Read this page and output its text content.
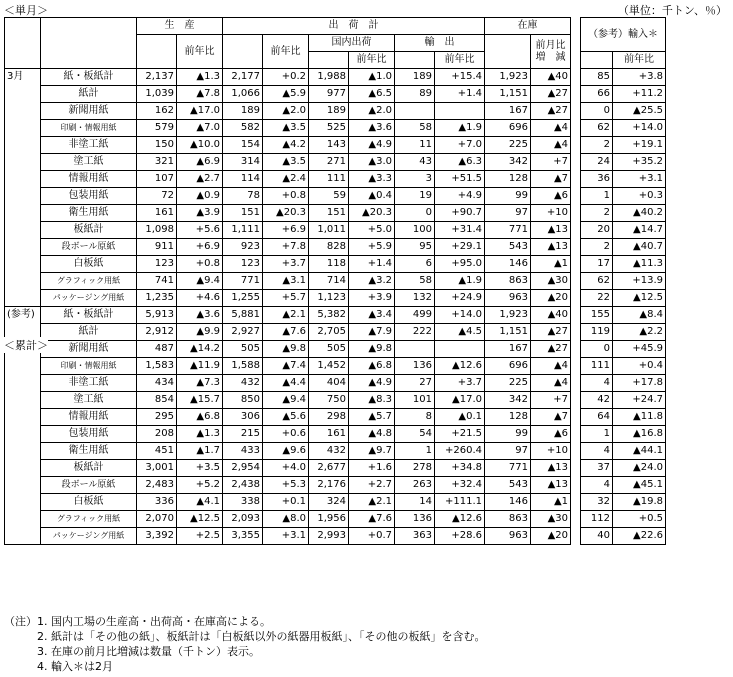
＜単月＞	（単位：千トン、％）
		生　産		出　荷　計						在庫			（参考）輸入＊	
			前年比		前年比	国内出荷		輸　出			前月比
増　減			
							前年比		前年比					前年比
3月	紙・板紙計	2,137	▲1.3	2,177	+0.2	1,988	▲1.0	189	+15.4	1,923	▲40		85	+3.8
	紙計	1,039	▲7.8	1,066	▲5.9	977	▲6.5	89	+1.4	1,151	▲27		66	+11.2
	新聞用紙	162	▲17.0	189	▲2.0	189	▲2.0			167	▲27		0	▲25.5
	印刷・情報用紙	579	▲7.0	582	▲3.5	525	▲3.6	58	▲1.9	696	▲4		62	+14.0
	非塗工紙	150	▲10.0	154	▲4.2	143	▲4.9	11	+7.0	225	▲4		2	+19.1
	塗工紙	321	▲6.9	314	▲3.5	271	▲3.0	43	▲6.3	342	+7		24	+35.2
	情報用紙	107	▲2.7	114	▲2.4	111	▲3.3	3	+51.5	128	▲7		36	+3.1
	包装用紙	72	▲0.9	78	+0.8	59	▲0.4	19	+4.9	99	▲6		1	+0.3
	衛生用紙	161	▲3.9	151	▲20.3	151	▲20.3	0	+90.7	97	+10		2	▲40.2
	板紙計	1,098	+5.6	1,111	+6.9	1,011	+5.0	100	+31.4	771	▲13		20	▲14.7
	段ボール原紙	911	+6.9	923	+7.8	828	+5.9	95	+29.1	543	▲13		2	▲40.7
	白板紙	123	+0.8	123	+3.7	118	+1.4	6	+95.0	146	▲1		17	▲11.3
	グラフィック用紙	741	▲9.4	771	▲3.1	714	▲3.2	58	▲1.9	863	▲30		62	+13.9
	パッケージング用紙	1,235	+4.6	1,255	+5.7	1,123	+3.9	132	+24.9	963	▲20		22	▲12.5
(参考)	紙・板紙計	5,913	▲3.6	5,881	▲2.1	5,382	▲3.4	499	+14.0	1,923	▲40		155	▲8.4
	紙計	2,912	▲9.9	2,927	▲7.6	2,705	▲7.9	222	▲4.5	1,151	▲27		119	▲2.2
	新聞用紙	487	▲14.2	505	▲9.8	505	▲9.8			167	▲27		0	+45.9
	印刷・情報用紙	1,583	▲11.9	1,588	▲7.4	1,452	▲6.8	136	▲12.6	696	▲4		111	+0.4
	非塗工紙	434	▲7.3	432	▲4.4	404	▲4.9	27	+3.7	225	▲4		4	+17.8
	塗工紙	854	▲15.7	850	▲9.4	750	▲8.3	101	▲17.0	342	+7		42	+24.7
	情報用紙	295	▲6.8	306	▲5.6	298	▲5.7	8	▲0.1	128	▲7		64	▲11.8
	包装用紙	208	▲1.3	215	+0.6	161	▲4.8	54	+21.5	99	▲6		1	▲16.8
	衛生用紙	451	▲1.7	433	▲9.6	432	▲9.7	1	+260.4	97	+10		4	▲44.1
	板紙計	3,001	+3.5	2,954	+4.0	2,677	+1.6	278	+34.8	771	▲13		37	▲24.0
	段ボール原紙	2,483	+5.2	2,438	+5.3	2,176	+2.7	263	+32.4	543	▲13		4	▲45.1
	白板紙	336	▲4.1	338	+0.1	324	▲2.1	14	+111.1	146	▲1		32	▲19.8
	グラフィック用紙	2,070	▲12.5	2,093	▲8.0	1,956	▲7.6	136	▲12.6	863	▲30		112	+0.5
	パッケージング用紙	3,392	+2.5	3,355	+3.1	2,993	+0.7	363	+28.6	963	▲20		40	▲22.6
＜累計＞
（注）1. 国内工場の生産高・出荷高・在庫高による。
　　　2. 紙計は「その他の紙」、板紙計は「白板紙以外の紙器用板紙」、「その他の板紙」を含む。
　　　3. 在庫の前月比増減は数量（千トン）表示。
　　　4. 輸入＊は2月
